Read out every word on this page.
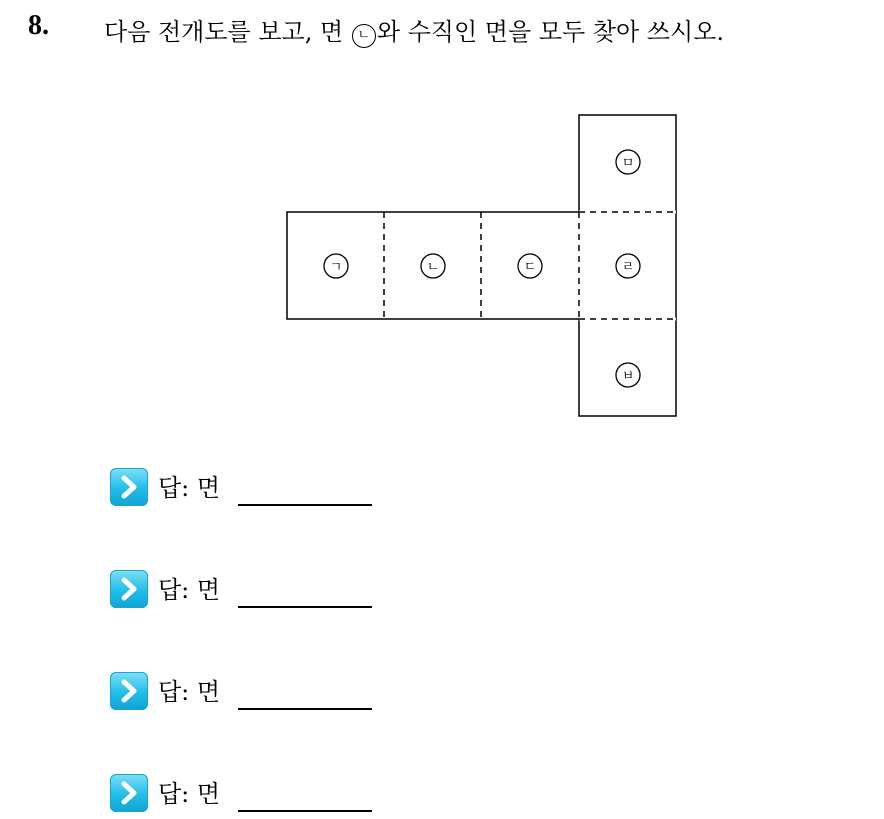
8. 다음 전개도를 보고, 면 ㄴ 와 수직인 면을 모두 찾아 쓰시오.
ㄱ	ㄴ	ㄷ	ㄹ
ㅁ
ㅂ
답: 면
답: 면
답: 면
답: 면
